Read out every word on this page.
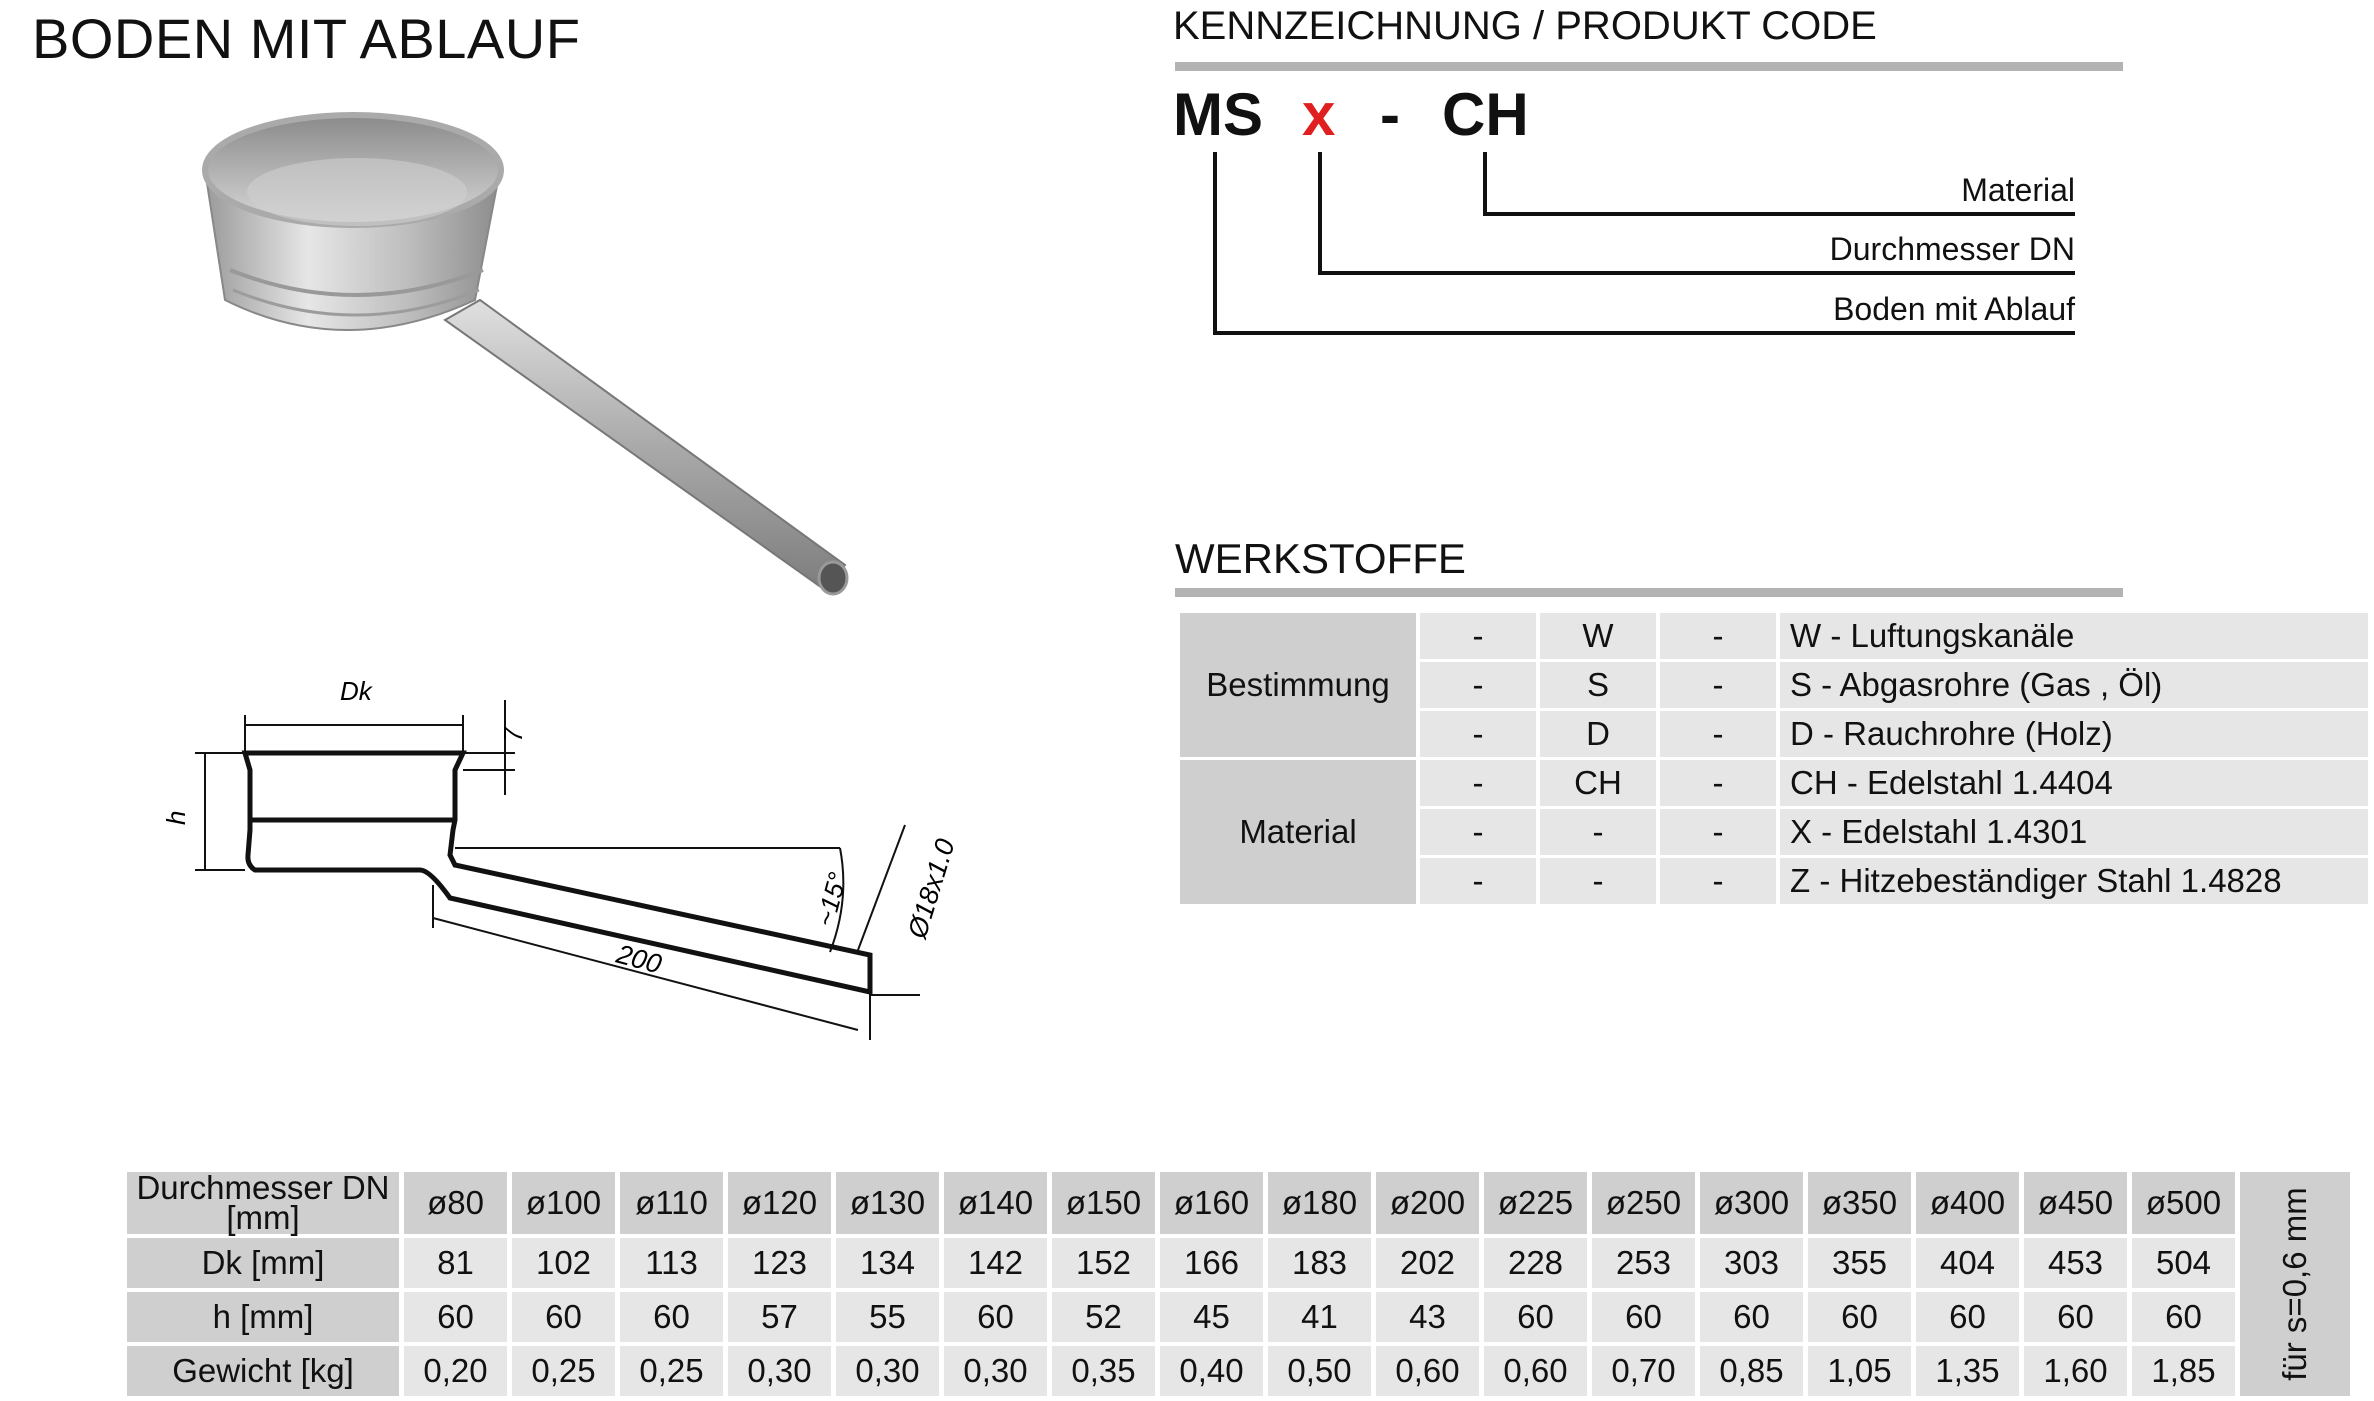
BODEN MIT ABLAUF
Dk
7
h
~15°
200
Ø18x1.0
KENNZEICHNUNG / PRODUKT CODE
MS x - CH
Material
Durchmesser DN
Boden mit Ablauf
WERKSTOFFE
Bestimmung	-	W	-	W - Luftungskanäle
	-	S	-	S - Abgasrohre (Gas , Öl)
	-	D	-	D - Rauchrohre (Holz)
Material	-	CH	-	CH - Edelstahl 1.4404
	-	-	-	X - Edelstahl 1.4301
	-	-	-	Z - Hitzebeständiger Stahl 1.4828
Durchmesser DN [mm]	ø80	ø100	ø110	ø120	ø130	ø140	ø150	ø160	ø180	ø200	ø225	ø250	ø300	ø350	ø400	ø450	ø500	für s=0,6 mm

Dk [mm]	81	102	113	123	134	142	152	166	183	202	228	253	303	355	404	453	504	
h [mm]	60	60	60	57	55	60	52	45	41	43	60	60	60	60	60	60	60	
Gewicht [kg]	0,20	0,25	0,25	0,30	0,30	0,30	0,35	0,40	0,50	0,60	0,60	0,70	0,85	1,05	1,35	1,60	1,85	
